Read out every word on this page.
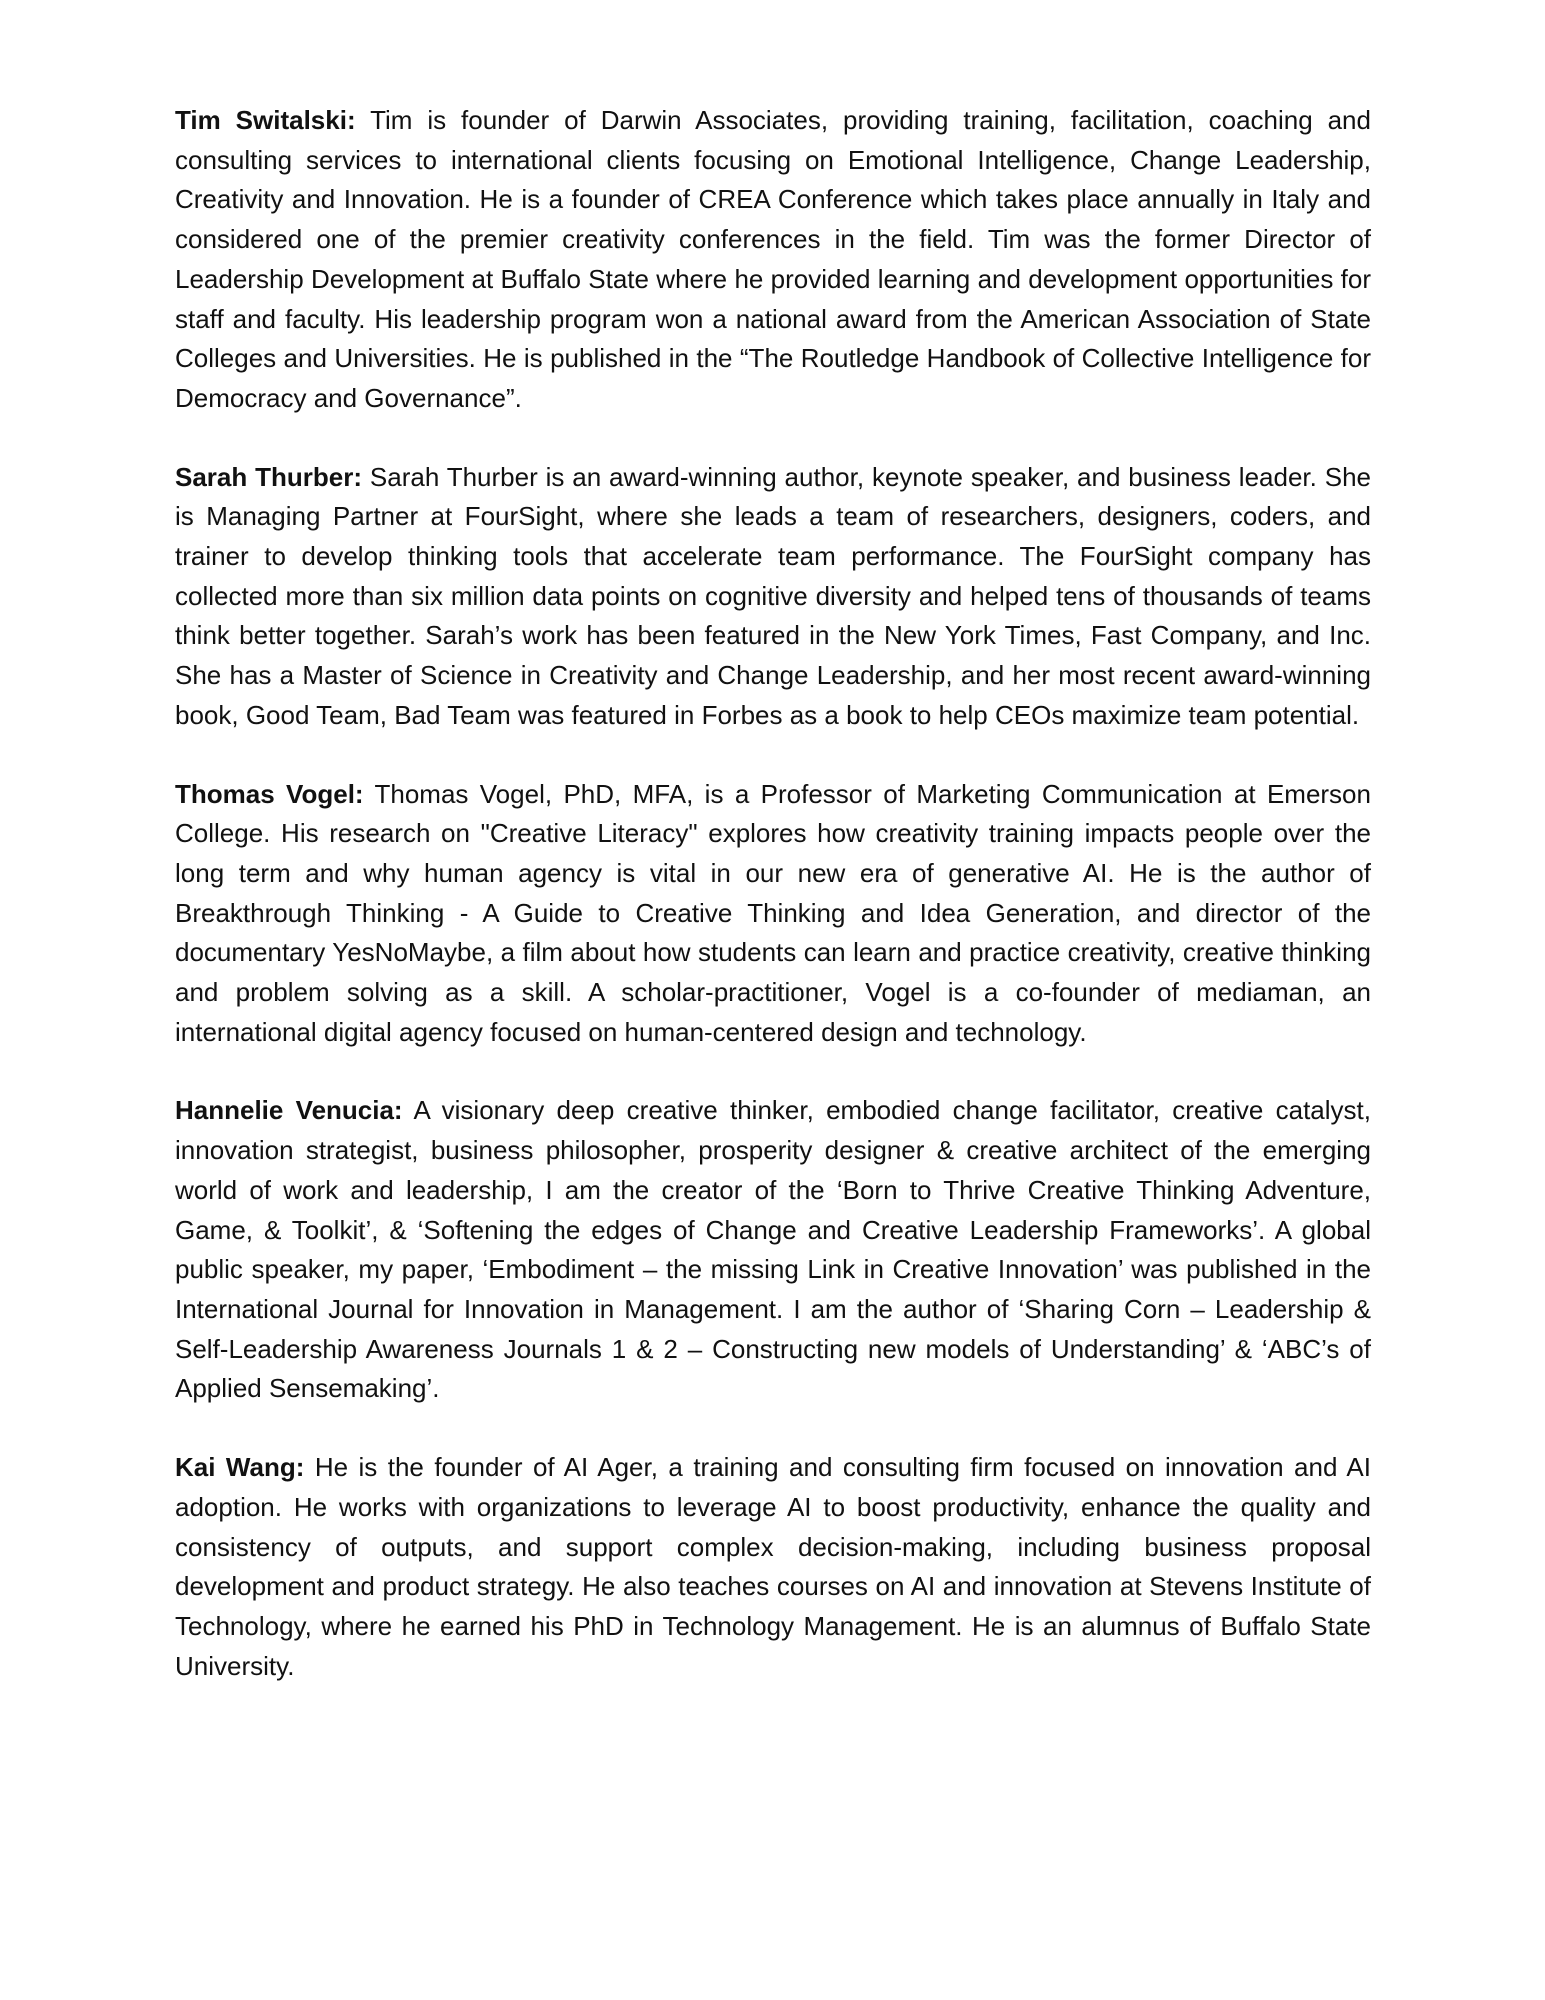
Tim Switalski: Tim is founder of Darwin Associates, providing training, facilitation, coaching and consulting services to international clients focusing on Emotional Intelligence, Change Leadership, Creativity and Innovation. He is a founder of CREA Conference which takes place annually in Italy and considered one of the premier creativity conferences in the field. Tim was the former Director of Leadership Development at Buffalo State where he provided learning and development opportunities for staff and faculty. His leadership program won a national award from the American Association of State Colleges and Universities. He is published in the “The Routledge Handbook of Collective Intelligence for Democracy and Governance”.

Sarah Thurber: Sarah Thurber is an award-winning author, keynote speaker, and business leader. She is Managing Partner at FourSight, where she leads a team of researchers, designers, coders, and trainer to develop thinking tools that accelerate team performance. The FourSight company has collected more than six million data points on cognitive diversity and helped tens of thousands of teams think better together. Sarah’s work has been featured in the New York Times, Fast Company, and Inc. She has a Master of Science in Creativity and Change Leadership, and her most recent award-winning book, Good Team, Bad Team was featured in Forbes as a book to help CEOs maximize team potential.

Thomas Vogel: Thomas Vogel, PhD, MFA, is a Professor of Marketing Communication at Emerson College. His research on "Creative Literacy" explores how creativity training impacts people over the long term and why human agency is vital in our new era of generative AI. He is the author of Breakthrough Thinking - A Guide to Creative Thinking and Idea Generation, and director of the documentary YesNoMaybe, a film about how students can learn and practice creativity, creative thinking and problem solving as a skill. A scholar-practitioner, Vogel is a co-founder of mediaman, an international digital agency focused on human-centered design and technology.

Hannelie Venucia: A visionary deep creative thinker, embodied change facilitator, creative catalyst, innovation strategist, business philosopher, prosperity designer & creative architect of the emerging world of work and leadership, I am the creator of the ‘Born to Thrive Creative Thinking Adventure, Game, & Toolkit’, & ‘Softening the edges of Change and Creative Leadership Frameworks’. A global public speaker, my paper, ‘Embodiment – the missing Link in Creative Innovation’ was published in the International Journal for Innovation in Management. I am the author of ‘Sharing Corn – Leadership & Self-Leadership Awareness Journals 1 & 2 – Constructing new models of Understanding’ & ‘ABC’s of Applied Sensemaking’.

Kai Wang: He is the founder of AI Ager, a training and consulting firm focused on innovation and AI adoption. He works with organizations to leverage AI to boost productivity, enhance the quality and consistency of outputs, and support complex decision-making, including business proposal development and product strategy. He also teaches courses on AI and innovation at Stevens Institute of Technology, where he earned his PhD in Technology Management. He is an alumnus of Buffalo State University.
